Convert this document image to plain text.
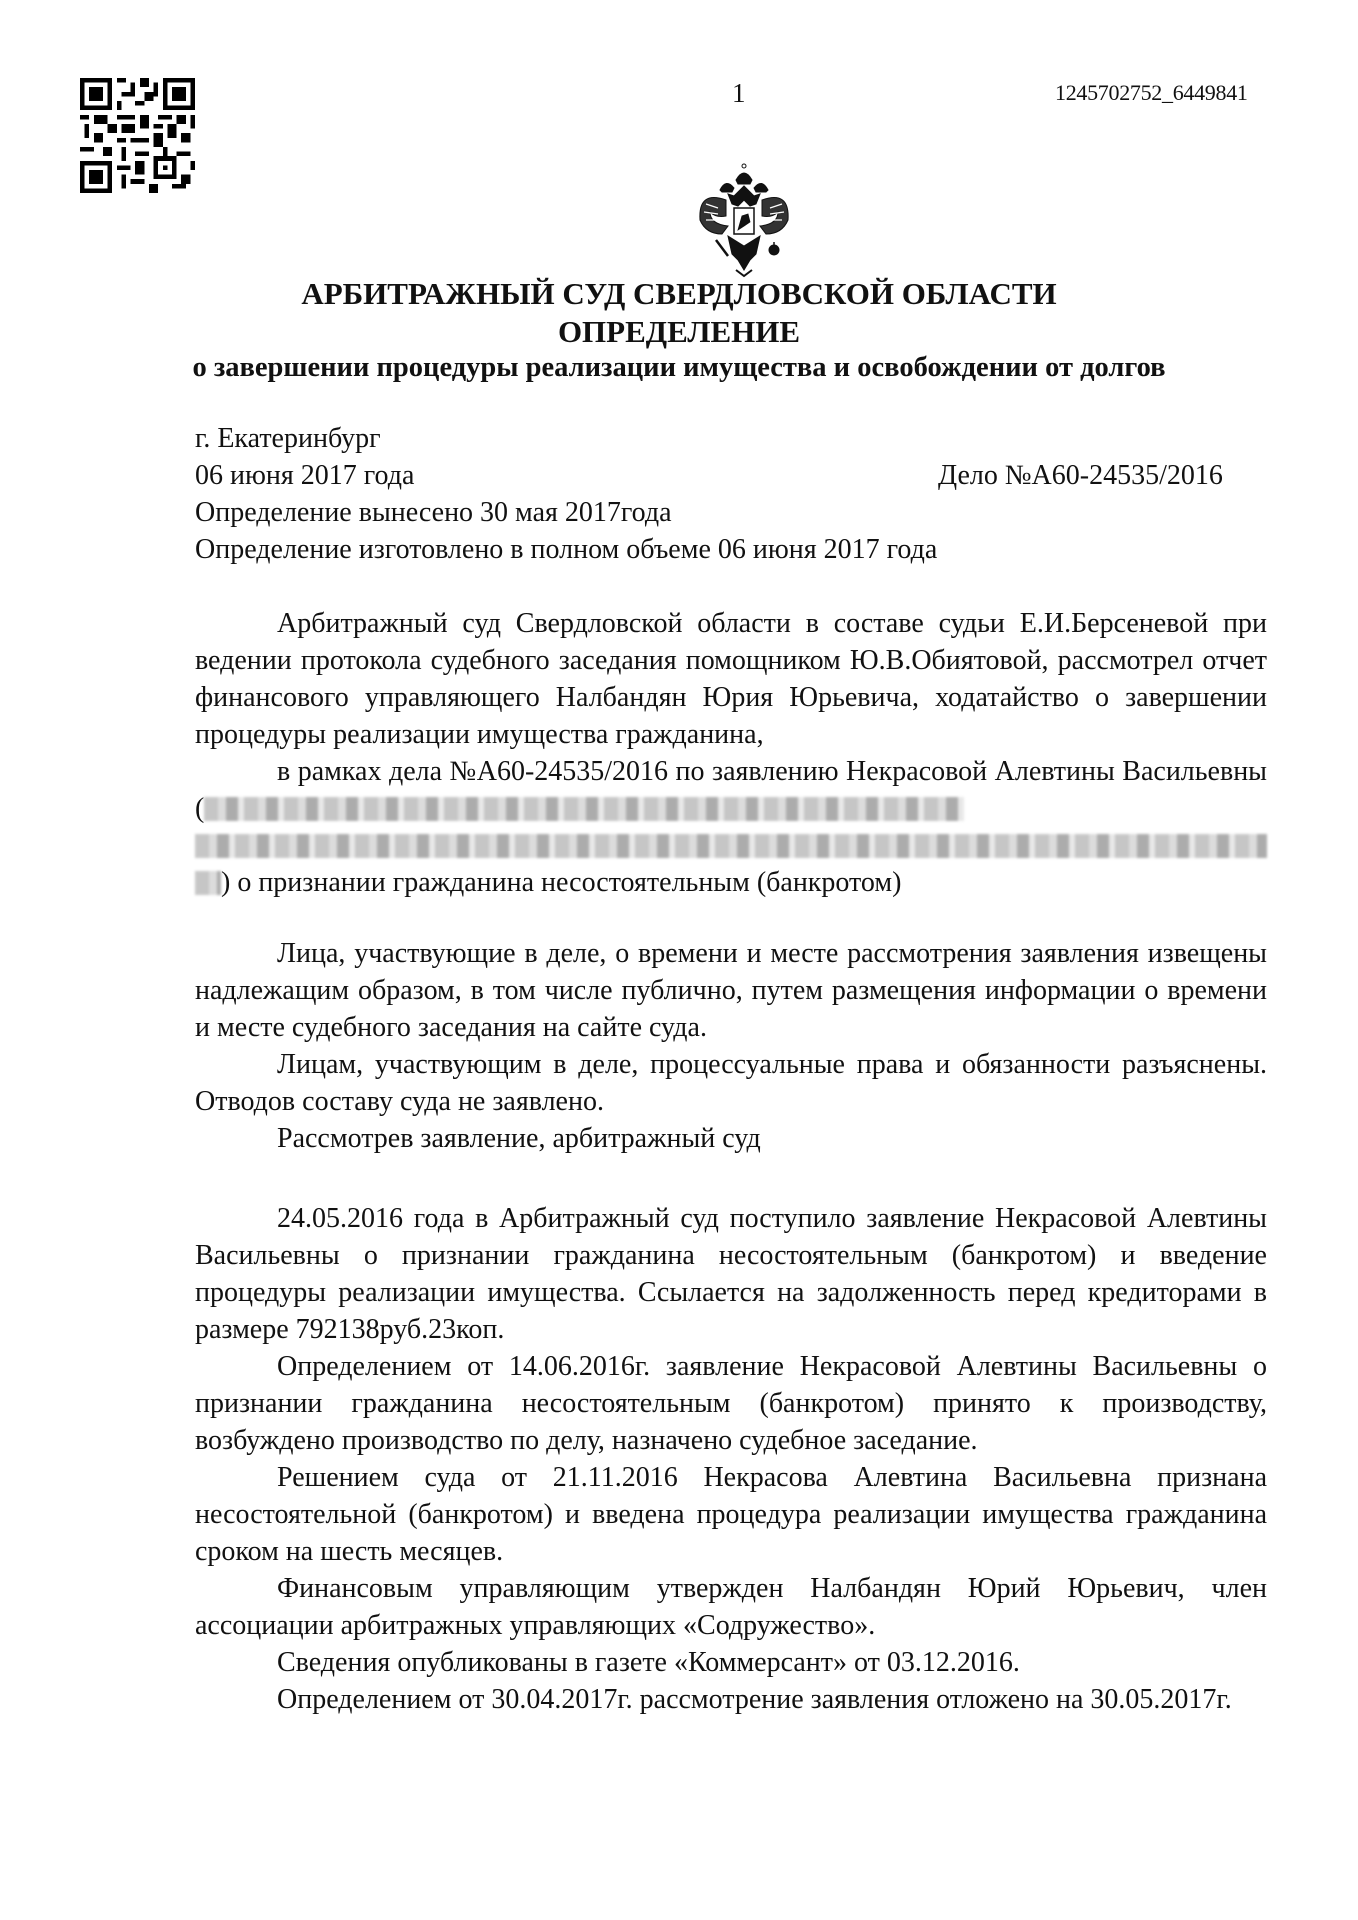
1	1245702752_6449841
АРБИТРАЖНЫЙ СУД СВЕРДЛОВСКОЙ ОБЛАСТИ
ОПРЕДЕЛЕНИЕ
о завершении процедуры реализации имущества и освобождении от долгов
г. Екатеринбург
06 июня 2017 года	Дело №А60-24535/2016
Определение вынесено 30 мая 2017года
Определение изготовлено в полном объеме 06 июня 2017 года

Арбитражный суд Свердловской области в составе судьи Е.И.Берсеневой при ведении протокола судебного заседания помощником Ю.В.Обиятовой, рассмотрел отчет финансового управляющего Налбандян Юрия Юрьевича, ходатайство о завершении процедуры реализации имущества гражданина,

в рамках дела №А60-24535/2016 по заявлению Некрасовой Алевтины Васильевны (  ) о признании гражданина несостоятельным (банкротом)

Лица, участвующие в деле, о времени и месте рассмотрения заявления извещены надлежащим образом, в том числе публично, путем размещения информации о времени и месте судебного заседания на сайте суда.

Лицам, участвующим в деле, процессуальные права и обязанности разъяснены. Отводов составу суда не заявлено.

Рассмотрев заявление, арбитражный суд

24.05.2016 года в Арбитражный суд поступило заявление Некрасовой Алевтины Васильевны о признании гражданина несостоятельным (банкротом) и введение процедуры реализации имущества. Ссылается на задолженность перед кредиторами в размере 792138руб.23коп.

Определением от 14.06.2016г. заявление Некрасовой Алевтины Васильевны о признании гражданина несостоятельным (банкротом) принято к производству, возбуждено производство по делу, назначено судебное заседание.

Решением суда от 21.11.2016 Некрасова Алевтина Васильевна признана несостоятельной (банкротом) и введена процедура реализации имущества гражданина сроком на шесть месяцев.

Финансовым управляющим утвержден Налбандян Юрий Юрьевич, член ассоциации арбитражных управляющих «Содружество».

Сведения опубликованы в газете «Коммерсант» от 03.12.2016.

Определением от 30.04.2017г. рассмотрение заявления отложено на 30.05.2017г.
